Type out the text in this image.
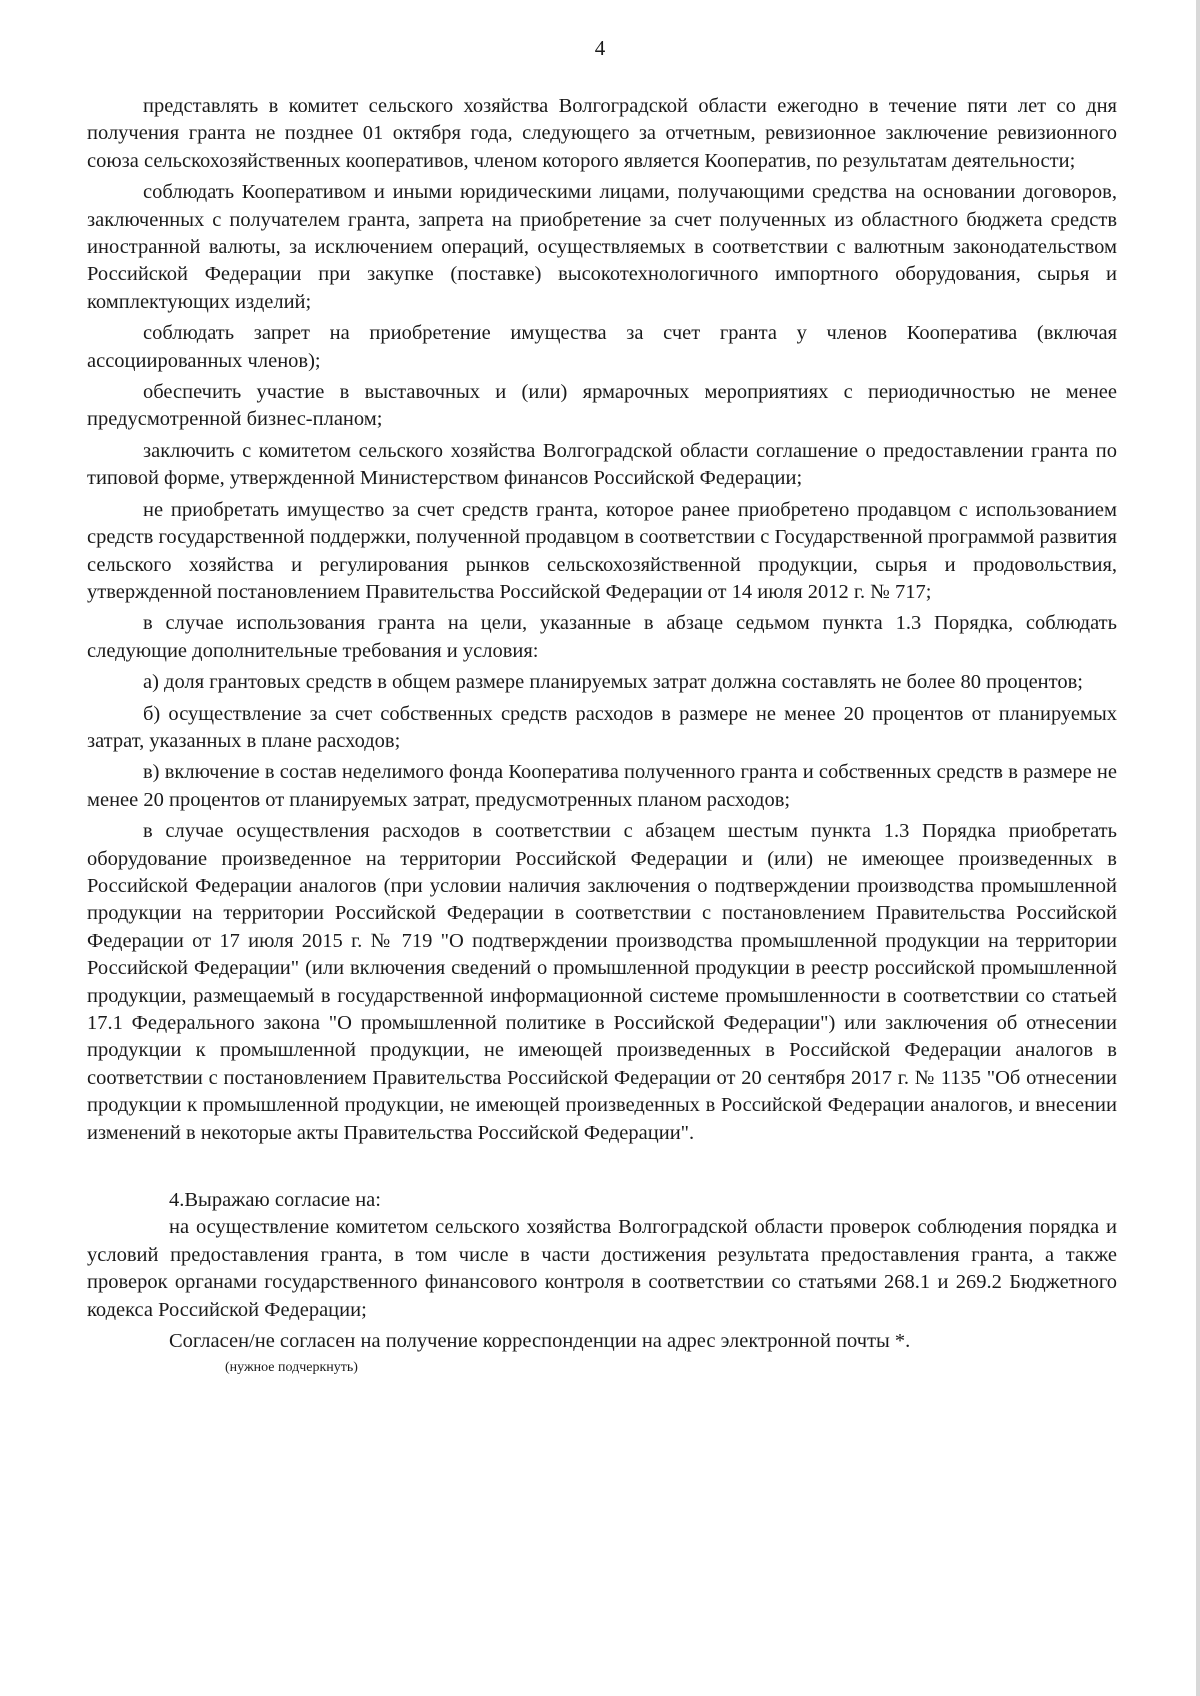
4

представлять в комитет сельского хозяйства Волгоградской области ежегодно в течение пяти лет со дня получения гранта не позднее 01 октября года, следующего за отчетным, ревизионное заключение ревизионного союза сельскохозяйственных кооперативов, членом которого является Кооператив, по результатам деятельности;

соблюдать Кооперативом и иными юридическими лицами, получающими средства на основании договоров, заключенных с получателем гранта, запрета на приобретение за счет полученных из областного бюджета средств иностранной валюты, за исключением операций, осуществляемых в соответствии с валютным законодательством Российской Федерации при закупке (поставке) высокотехнологичного импортного оборудования, сырья и комплектующих изделий;

соблюдать запрет на приобретение имущества за счет гранта у членов Кооператива (включая ассоциированных членов);

обеспечить участие в выставочных и (или) ярмарочных мероприятиях с периодичностью не менее предусмотренной бизнес-планом;

заключить с комитетом сельского хозяйства Волгоградской области соглашение о предоставлении гранта по типовой форме, утвержденной Министерством финансов Российской Федерации;

не приобретать имущество за счет средств гранта, которое ранее приобретено продавцом с использованием средств государственной поддержки, полученной продавцом в соответствии с Государственной программой развития сельского хозяйства и регулирования рынков сельскохозяйственной продукции, сырья и продовольствия, утвержденной постановлением Правительства Российской Федерации от 14 июля 2012 г. № 717;

в случае использования гранта на цели, указанные в абзаце седьмом пункта 1.3 Порядка, соблюдать следующие дополнительные требования и условия:

а) доля грантовых средств в общем размере планируемых затрат должна составлять не более 80 процентов;

б) осуществление за счет собственных средств расходов в размере не менее 20 процентов от планируемых затрат, указанных в плане расходов;

в) включение в состав неделимого фонда Кооператива полученного гранта и собственных средств в размере не менее 20 процентов от планируемых затрат, предусмотренных планом расходов;

в случае осуществления расходов в соответствии с абзацем шестым пункта 1.3 Порядка приобретать оборудование произведенное на территории Российской Федерации и (или) не имеющее произведенных в Российской Федерации аналогов (при условии наличия заключения о подтверждении производства промышленной продукции на территории Российской Федерации в соответствии с постановлением Правительства Российской Федерации от 17 июля 2015 г. № 719 "О подтверждении производства промышленной продукции на территории Российской Федерации" (или включения сведений о промышленной продукции в реестр российской промышленной продукции, размещаемый в государственной информационной системе промышленности в соответствии со статьей 17.1 Федерального закона "О промышленной политике в Российской Федерации") или заключения об отнесении продукции к промышленной продукции, не имеющей произведенных в Российской Федерации аналогов в соответствии с постановлением Правительства Российской Федерации от 20 сентября 2017 г. № 1135 "Об отнесении продукции к промышленной продукции, не имеющей произведенных в Российской Федерации аналогов, и внесении изменений в некоторые акты Правительства Российской Федерации".

4.Выражаю согласие на:

на осуществление комитетом сельского хозяйства Волгоградской области проверок соблюдения порядка и условий предоставления гранта, в том числе в части достижения результата предоставления гранта, а также проверок органами государственного финансового контроля в соответствии со статьями 268.1 и 269.2 Бюджетного кодекса Российской Федерации;

Согласен/не согласен на получение корреспонденции на адрес электронной почты *.

(нужное подчеркнуть)
